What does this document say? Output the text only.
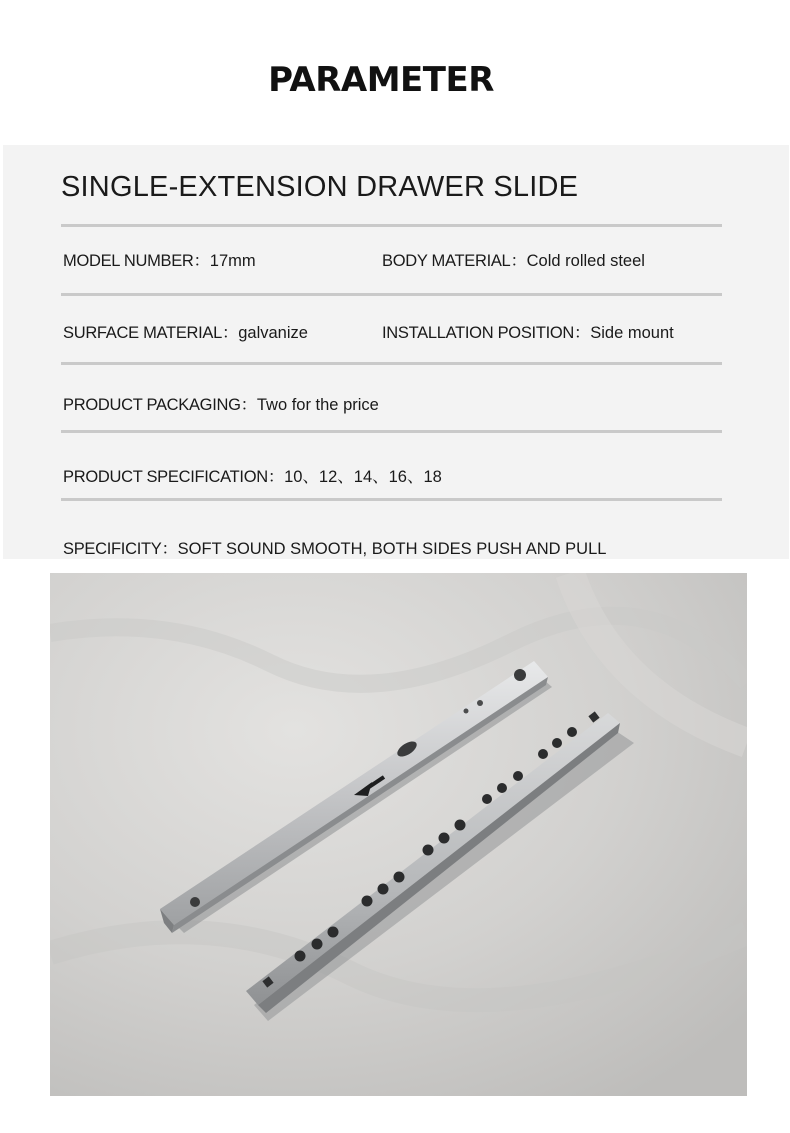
PARAMETER
SINGLE-EXTENSION DRAWER SLIDE
MODEL NUMBER：17mm	BODY MATERIAL：Cold rolled steel
SURFACE MATERIAL：galvanize	INSTALLATION POSITION：Side mount
PRODUCT PACKAGING：Two for the price
PRODUCT SPECIFICATION：10、12、14、16、18
SPECIFICITY：SOFT SOUND SMOOTH, BOTH SIDES PUSH AND PULL
